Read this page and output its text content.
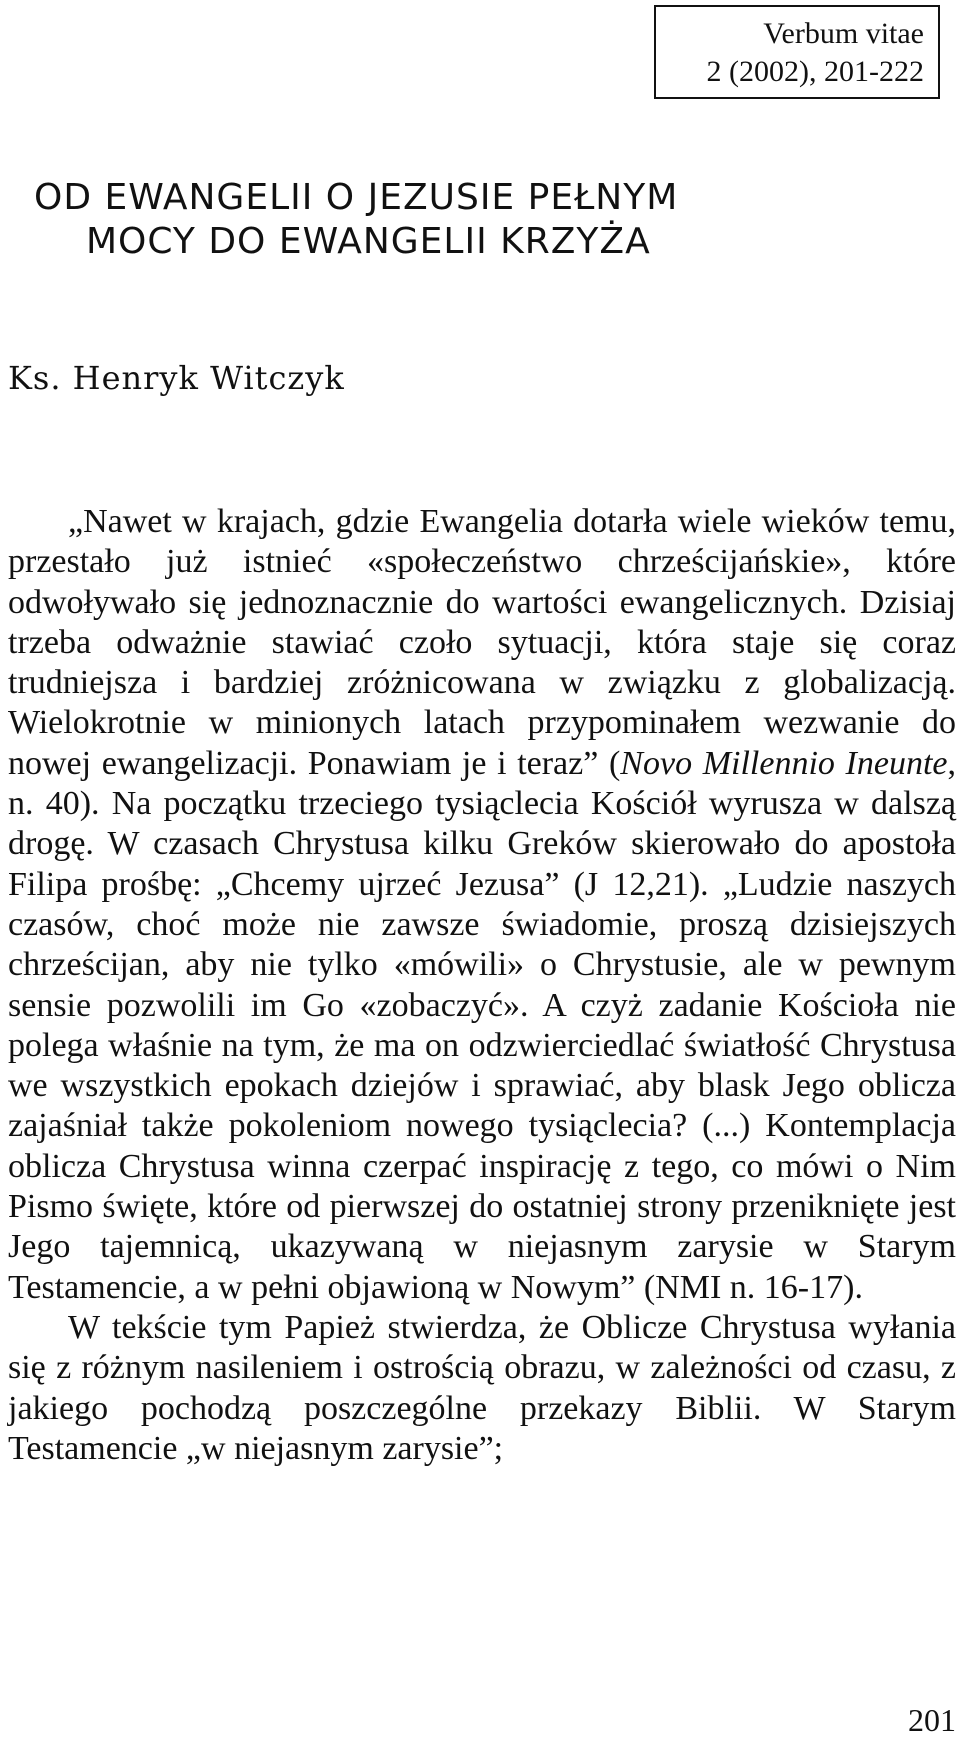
Verbum vitae
2 (2002), 201-222
OD EWANGELII O JEZUSIE PEŁNYM
MOCY DO EWANGELII KRZYŻA
Ks. Henryk Witczyk

„Nawet w krajach, gdzie Ewangelia dotarła wiele wieków temu, przestało już istnieć «społeczeństwo chrześcijańskie», które odwoływało się jednoznacznie do wartości ewangelicznych. Dzisiaj trzeba odważnie stawiać czoło sytuacji, która staje się coraz trudniejsza i bardziej zróżnicowana w związku z globalizacją. Wielokrotnie w minionych latach przypominałem wezwanie do nowej ewangelizacji. Ponawiam je i teraz” (Novo Millennio Ineunte, n. 40). Na początku trzeciego tysiąclecia Kościół wyrusza w dalszą drogę. W czasach Chrystusa kilku Greków skierowało do apostoła Filipa prośbę: „Chcemy ujrzeć Jezusa” (J 12,21). „Ludzie naszych czasów, choć może nie zawsze świadomie, proszą dzisiejszych chrześcijan, aby nie tylko «mówili» o Chrystusie, ale w pewnym sensie pozwolili im Go «zobaczyć». A czyż zadanie Kościoła nie polega właśnie na tym, że ma on odzwierciedlać światłość Chrystusa we wszystkich epokach dziejów i sprawiać, aby blask Jego oblicza zajaśniał także pokoleniom nowego tysiąclecia? (...) Kontemplacja oblicza Chrystusa winna czerpać inspirację z tego, co mówi o Nim Pismo święte, które od pierwszej do ostatniej strony przeniknięte jest Jego tajemnicą, ukazywaną w niejasnym zarysie w Starym Testamencie, a w pełni objawioną w Nowym” (NMI n. 16-17).

W tekście tym Papież stwierdza, że Oblicze Chrystusa wyłania się z różnym nasileniem i ostrością obrazu, w zależności od czasu, z jakiego pochodzą poszczególne przekazy Biblii. W Starym Testamencie „w niejasnym zarysie”;

201
